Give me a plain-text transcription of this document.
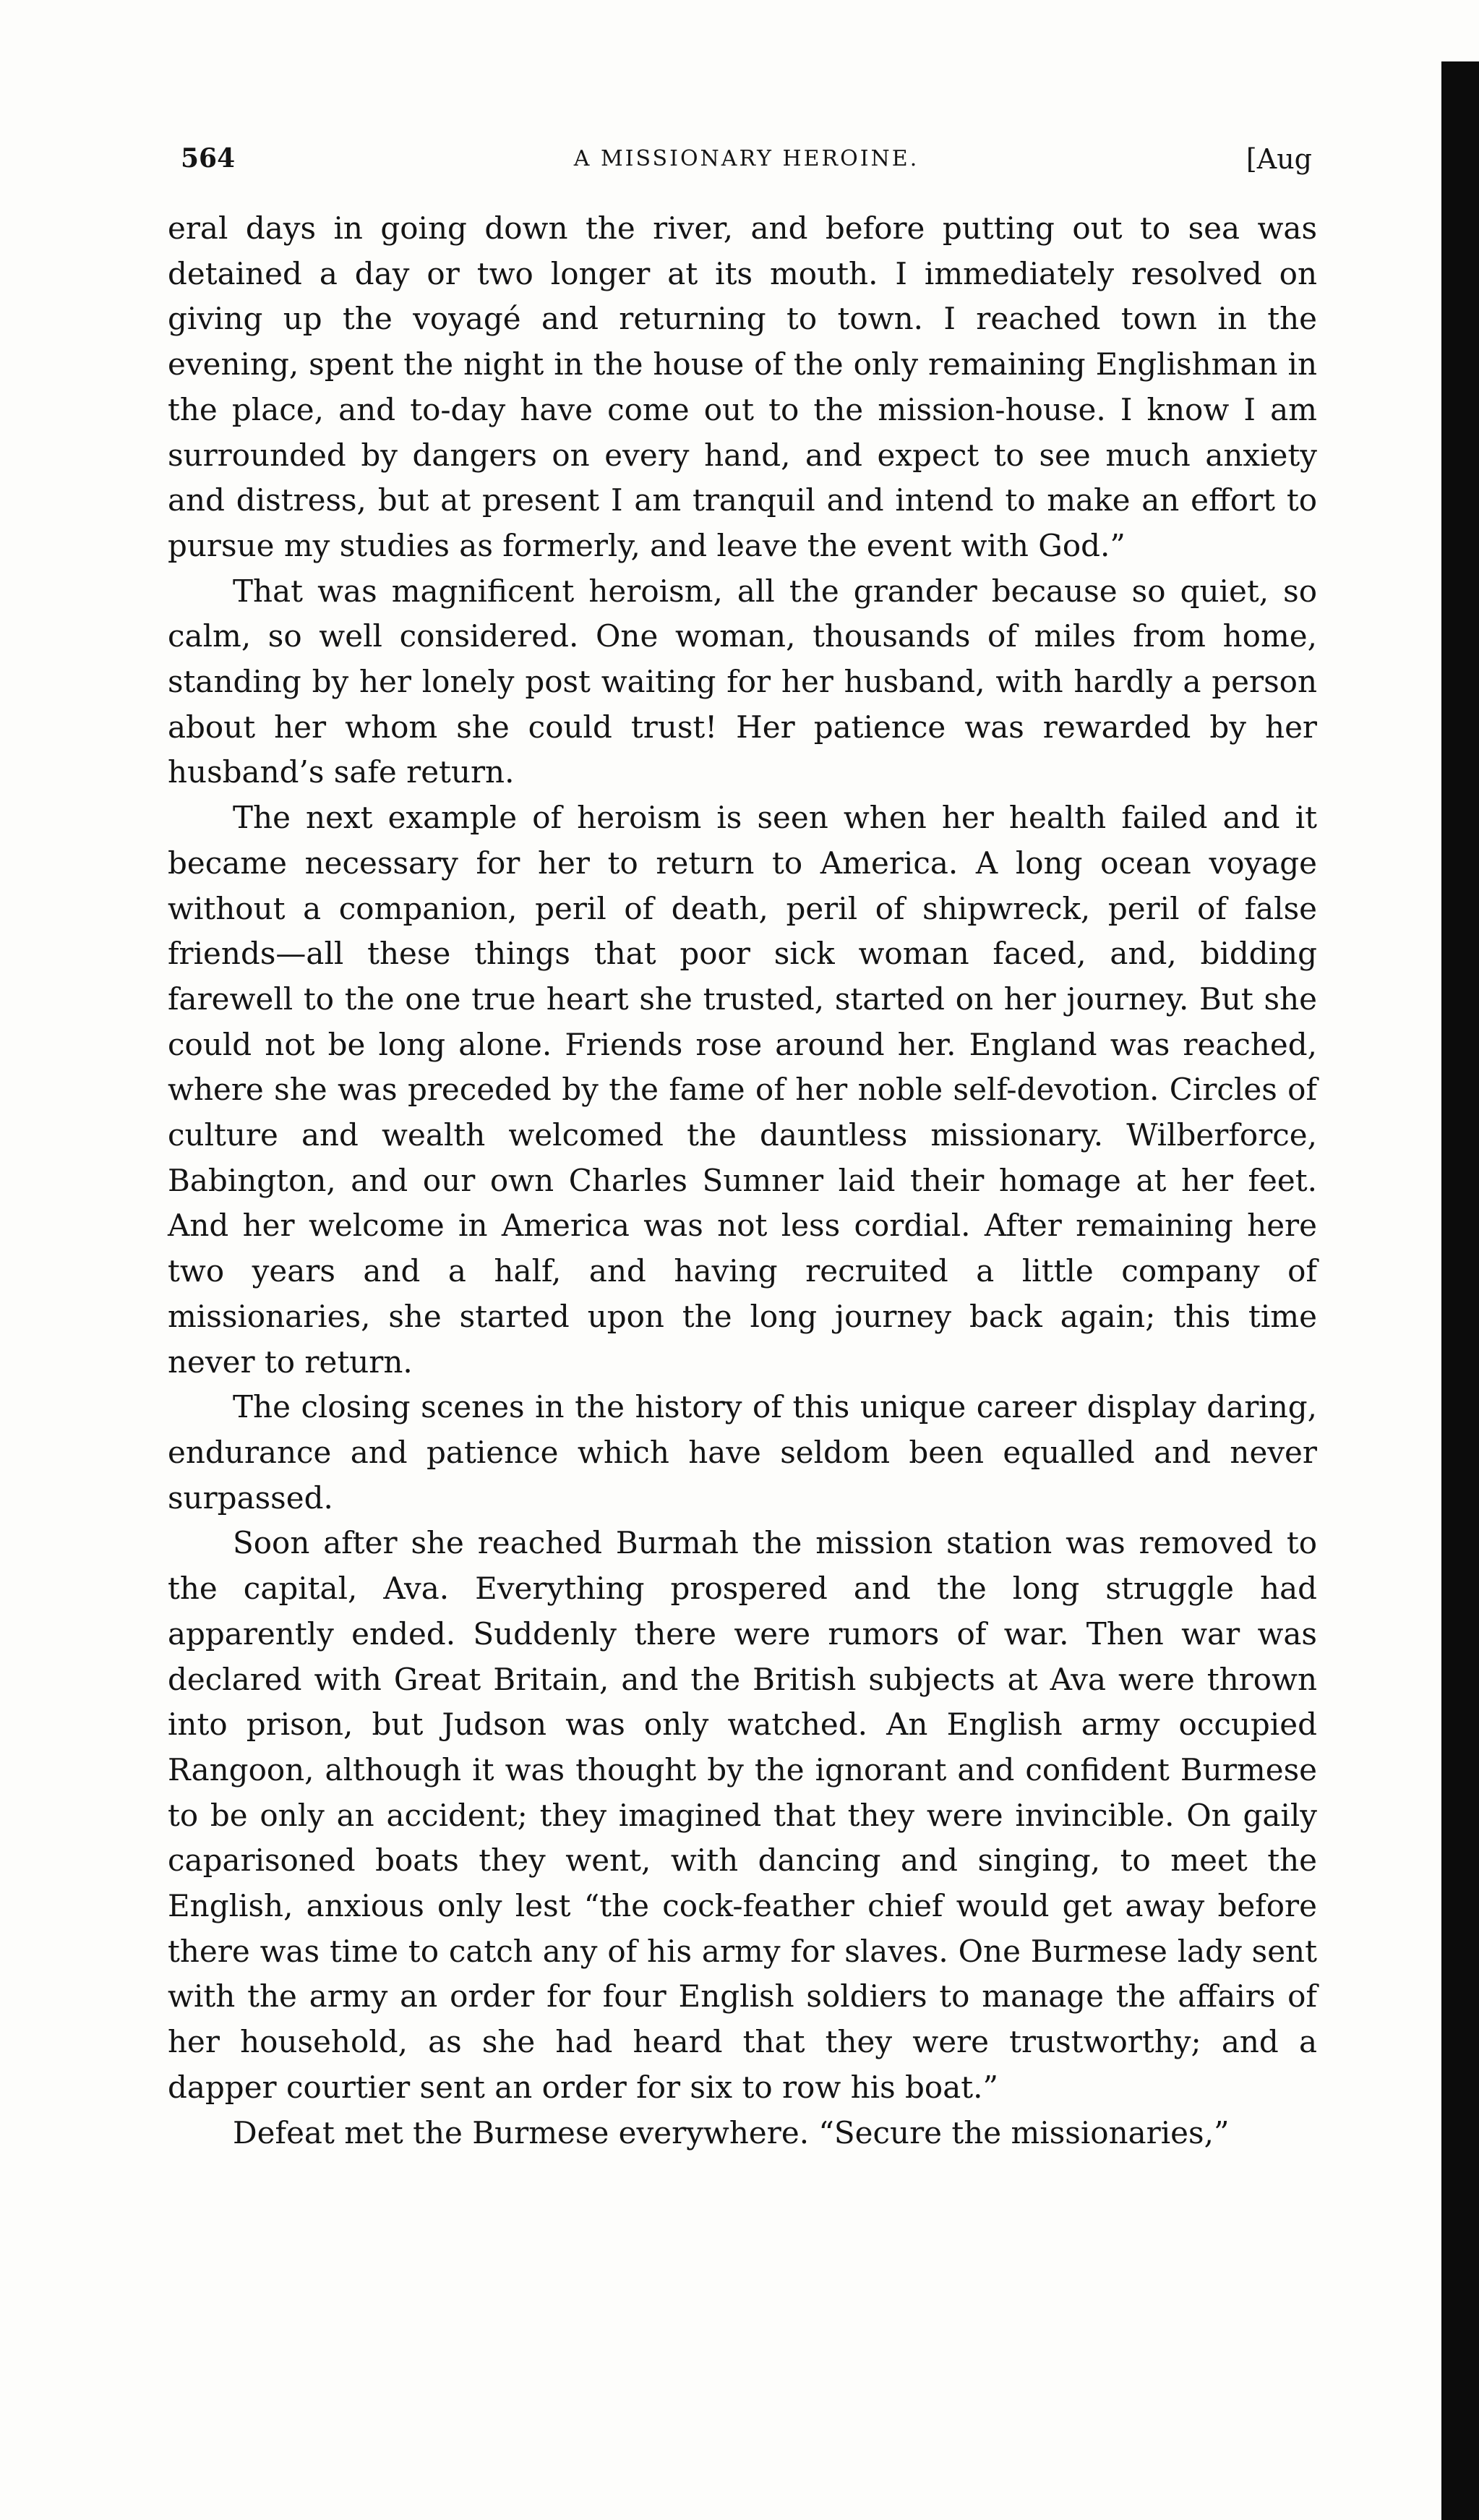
564	A MISSIONARY HEROINE.	[Aug

eral days in going down the river, and before putting out to sea was detained a day or two longer at its mouth. I immediately resolved on giving up the voyagé and returning to town. I reached town in the evening, spent the night in the house of the only remaining Englishman in the place, and to-day have come out to the mission-house. I know I am surrounded by dangers on every hand, and expect to see much anxiety and distress, but at present I am tranquil and intend to make an effort to pursue my studies as formerly, and leave the event with God.”

That was magnificent heroism, all the grander because so quiet, so calm, so well considered. One woman, thousands of miles from home, standing by her lonely post waiting for her husband, with hardly a person about her whom she could trust! Her patience was rewarded by her husband’s safe return.

The next example of heroism is seen when her health failed and it became necessary for her to return to America. A long ocean voyage without a companion, peril of death, peril of shipwreck, peril of false friends—all these things that poor sick woman faced, and, bidding farewell to the one true heart she trusted, started on her journey. But she could not be long alone. Friends rose around her. England was reached, where she was preceded by the fame of her noble self-devotion. Circles of culture and wealth welcomed the dauntless missionary. Wilberforce, Babington, and our own Charles Sumner laid their homage at her feet. And her welcome in America was not less cordial. After remaining here two years and a half, and having recruited a little company of missionaries, she started upon the long journey back again; this time never to return.

The closing scenes in the history of this unique career display daring, endurance and patience which have seldom been equalled and never surpassed.

Soon after she reached Burmah the mission station was removed to the capital, Ava. Everything prospered and the long struggle had apparently ended. Suddenly there were rumors of war. Then war was declared with Great Britain, and the British subjects at Ava were thrown into prison, but Judson was only watched. An English army occupied Rangoon, although it was thought by the ignorant and confident Burmese to be only an accident; they imagined that they were invincible. On gaily caparisoned boats they went, with dancing and singing, to meet the English, anxious only lest “the cock-feather chief would get away before there was time to catch any of his army for slaves. One Burmese lady sent with the army an order for four English soldiers to manage the affairs of her household, as she had heard that they were trustworthy; and a dapper courtier sent an order for six to row his boat.”

Defeat met the Burmese everywhere. “Secure the missionaries,”
